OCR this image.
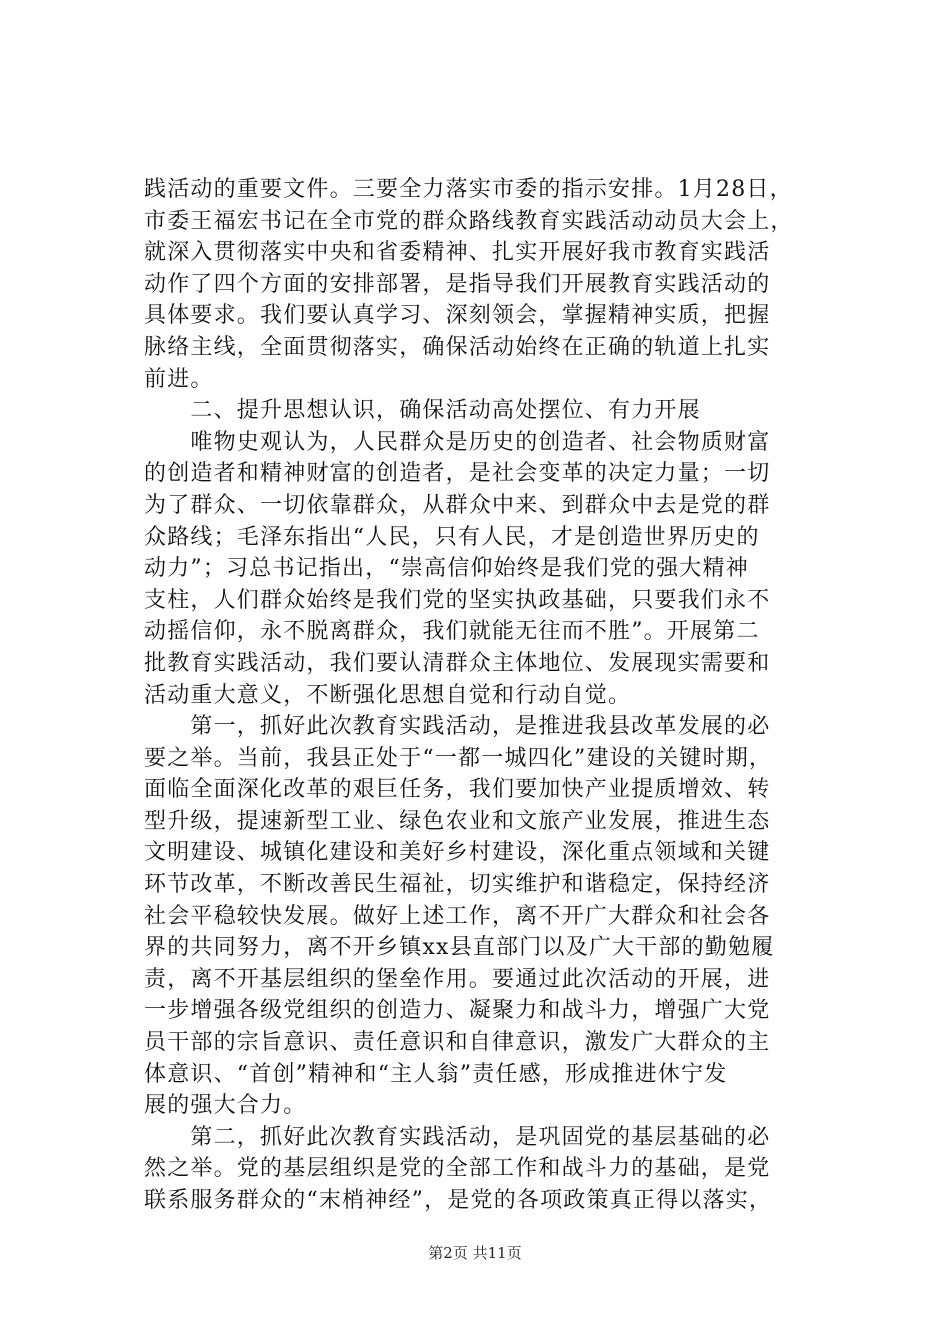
践活动的重要文件。三要全力落实市委的指示安排。1月28日，
市委王福宏书记在全市党的群众路线教育实践活动动员大会上，
就深入贯彻落实中央和省委精神、扎实开展好我市教育实践活
动作了四个方面的安排部署，是指导我们开展教育实践活动的
具体要求。我们要认真学习、深刻领会，掌握精神实质，把握
脉络主线，全面贯彻落实，确保活动始终在正确的轨道上扎实
前进。
　　二、提升思想认识，确保活动高处摆位、有力开展
　　唯物史观认为，人民群众是历史的创造者、社会物质财富
的创造者和精神财富的创造者，是社会变革的决定力量；一切
为了群众、一切依靠群众，从群众中来、到群众中去是党的群
众路线；毛泽东指出“人民，只有人民，才是创造世界历史的
动力”；习总书记指出，“崇高信仰始终是我们党的强大精神
支柱，人们群众始终是我们党的坚实执政基础，只要我们永不
动摇信仰，永不脱离群众，我们就能无往而不胜”。开展第二
批教育实践活动，我们要认清群众主体地位、发展现实需要和
活动重大意义，不断强化思想自觉和行动自觉。
　　第一，抓好此次教育实践活动，是推进我县改革发展的必
要之举。当前，我县正处于“一都一城四化”建设的关键时期，
面临全面深化改革的艰巨任务，我们要加快产业提质增效、转
型升级，提速新型工业、绿色农业和文旅产业发展，推进生态
文明建设、城镇化建设和美好乡村建设，深化重点领域和关键
环节改革，不断改善民生福祉，切实维护和谐稳定，保持经济
社会平稳较快发展。做好上述工作，离不开广大群众和社会各
界的共同努力，离不开乡镇xx县直部门以及广大干部的勤勉履
责，离不开基层组织的堡垒作用。要通过此次活动的开展，进
一步增强各级党组织的创造力、凝聚力和战斗力，增强广大党
员干部的宗旨意识、责任意识和自律意识，激发广大群众的主
体意识、“首创”精神和“主人翁”责任感，形成推进休宁发
展的强大合力。
　　第二，抓好此次教育实践活动，是巩固党的基层基础的必
然之举。党的基层组织是党的全部工作和战斗力的基础，是党
联系服务群众的“末梢神经”，是党的各项政策真正得以落实，
第2页 共11页
